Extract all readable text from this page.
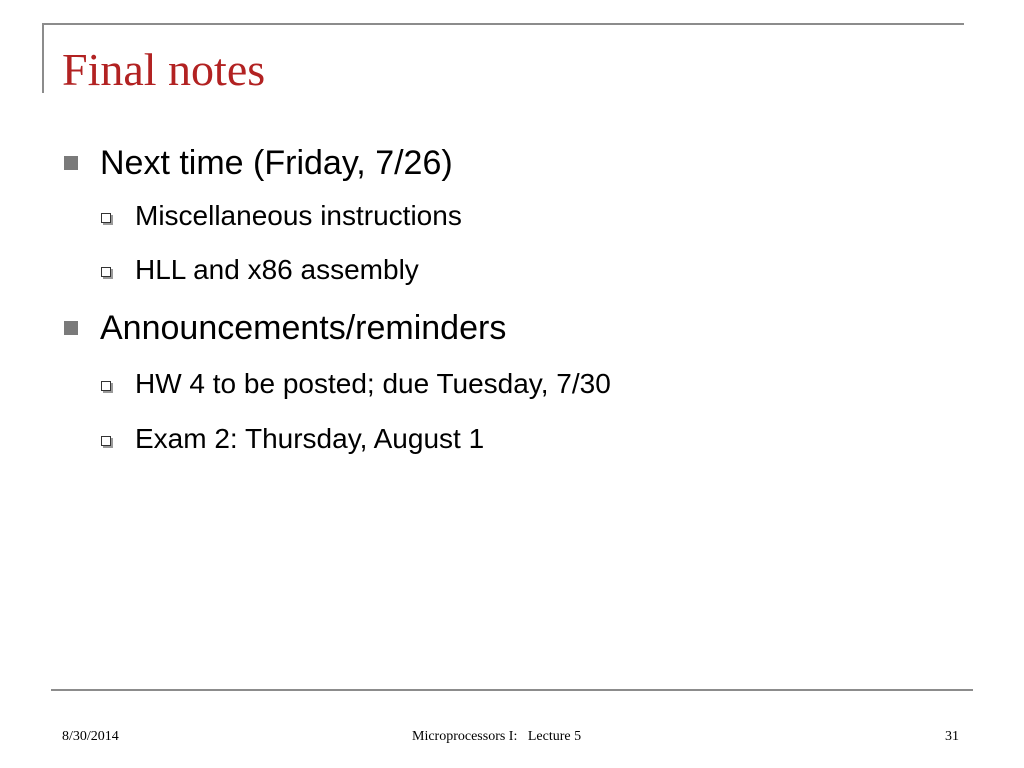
Final notes
Next time (Friday, 7/26)
Miscellaneous instructions
HLL and x86 assembly
Announcements/reminders
HW 4 to be posted; due Tuesday, 7/30
Exam 2: Thursday, August 1
8/30/2014	Microprocessors I:   Lecture 5	31
